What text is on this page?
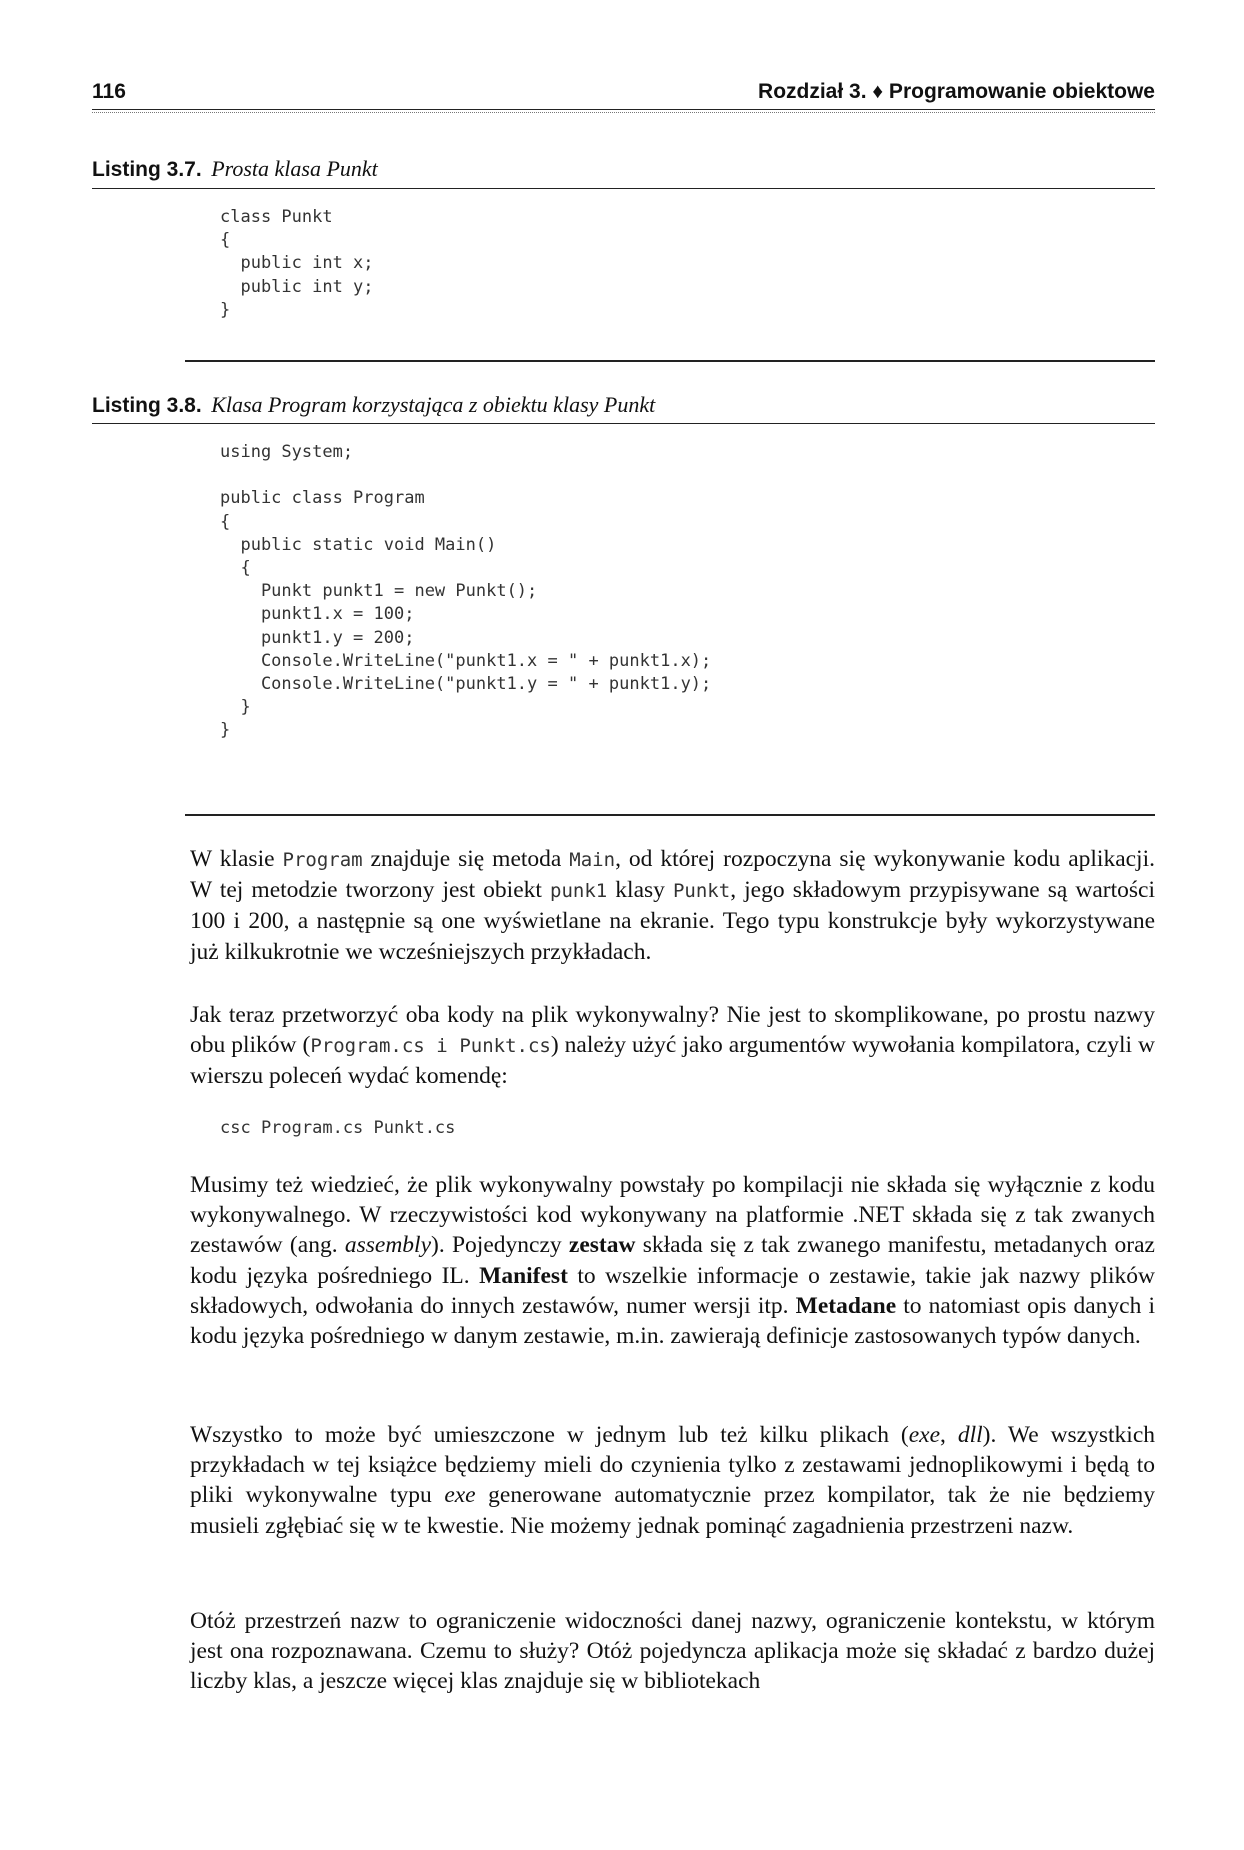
116	Rozdział 3. ♦ Programowanie obiektowe
Listing 3.7. Prosta klasa Punkt
class Punkt
{
public int x;
public int y;
}
Listing 3.8. Klasa Program korzystająca z obiektu klasy Punkt
using System;

public class Program
{
public static void Main()
{
Punkt punkt1 = new Punkt();
punkt1.x = 100;
punkt1.y = 200;
Console.WriteLine("punkt1.x = " + punkt1.x);
Console.WriteLine("punkt1.y = " + punkt1.y);
}
}

W klasie Program znajduje się metoda Main, od której rozpoczyna się wykonywanie kodu aplikacji. W tej metodzie tworzony jest obiekt punk1 klasy Punkt, jego składowym przypisywane są wartości 100 i 200, a następnie są one wyświetlane na ekranie. Tego typu konstrukcje były wykorzystywane już kilkukrotnie we wcześniejszych przykładach.

Jak teraz przetworzyć oba kody na plik wykonywalny? Nie jest to skomplikowane, po prostu nazwy obu plików (Program.cs i Punkt.cs) należy użyć jako argumentów wywołania kompilatora, czyli w wierszu poleceń wydać komendę:

csc Program.cs Punkt.cs

Musimy też wiedzieć, że plik wykonywalny powstały po kompilacji nie składa się wyłącznie z kodu wykonywalnego. W rzeczywistości kod wykonywany na platformie .NET składa się z tak zwanych zestawów (ang. assembly). Pojedynczy zestaw składa się z tak zwanego manifestu, metadanych oraz kodu języka pośredniego IL. Manifest to wszelkie informacje o zestawie, takie jak nazwy plików składowych, odwołania do innych zestawów, numer wersji itp. Metadane to natomiast opis danych i kodu języka pośredniego w danym zestawie, m.in. zawierają definicje zastosowanych typów danych.

Wszystko to może być umieszczone w jednym lub też kilku plikach (exe, dll). We wszystkich przykładach w tej książce będziemy mieli do czynienia tylko z zestawami jednoplikowymi i będą to pliki wykonywalne typu exe generowane automatycznie przez kompilator, tak że nie będziemy musieli zgłębiać się w te kwestie. Nie możemy jednak pominąć zagadnienia przestrzeni nazw.

Otóż przestrzeń nazw to ograniczenie widoczności danej nazwy, ograniczenie kontekstu, w którym jest ona rozpoznawana. Czemu to służy? Otóż pojedyncza aplikacja może się składać z bardzo dużej liczby klas, a jeszcze więcej klas znajduje się w bibliotekach
